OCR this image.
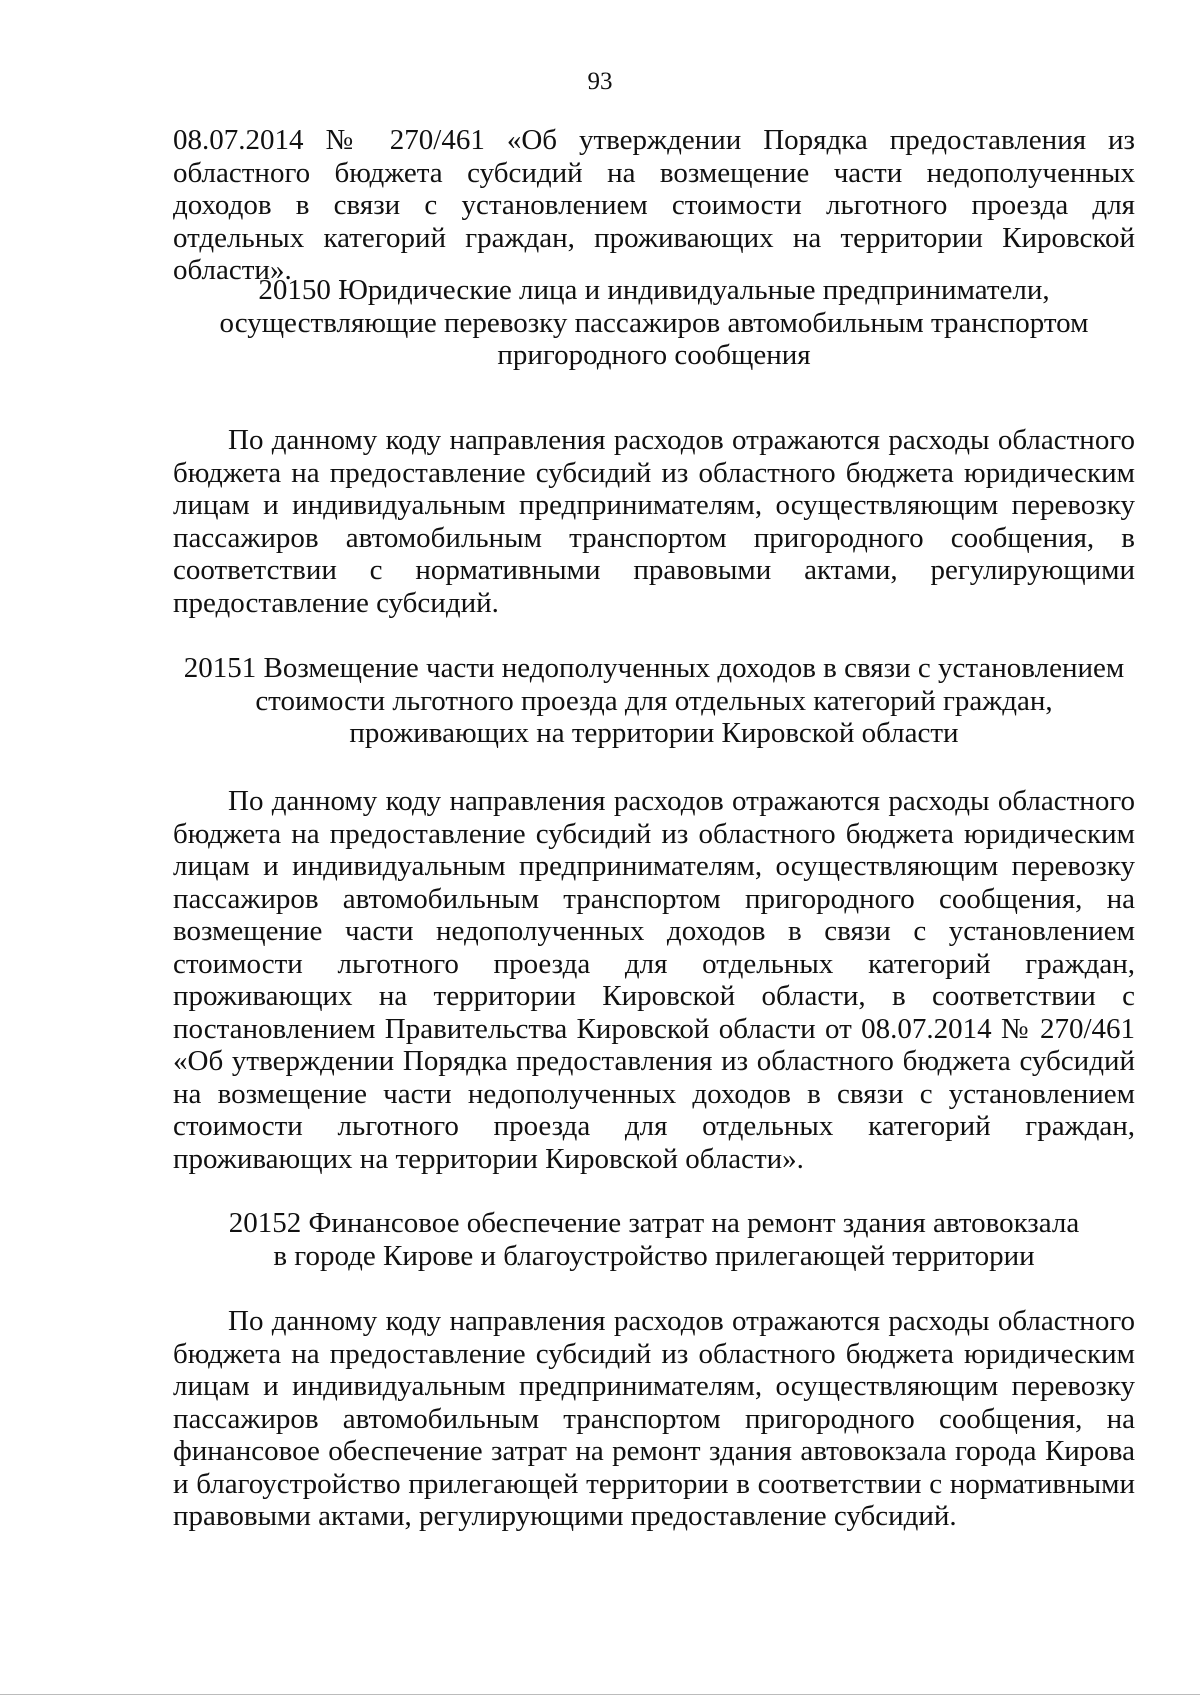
93
08.07.2014 № 270/461 «Об утверждении Порядка предоставления из областного бюджета субсидий на возмещение части недополученных доходов в связи с установлением стоимости льготного проезда для отдельных категорий граждан, проживающих на территории Кировской области».
20150 Юридические лица и индивидуальные предприниматели,
осуществляющие перевозку пассажиров автомобильным транспортом
пригородного сообщения
По данному коду направления расходов отражаются расходы областного бюджета на предоставление субсидий из областного бюджета юридическим лицам и индивидуальным предпринимателям, осуществляющим перевозку пассажиров автомобильным транспортом пригородного сообщения, в соответствии с нормативными правовыми актами, регулирующими предоставление субсидий.
20151 Возмещение части недополученных доходов в связи с установлением
стоимости льготного проезда для отдельных категорий граждан,
проживающих на территории Кировской области
По данному коду направления расходов отражаются расходы областного бюджета на предоставление субсидий из областного бюджета юридическим лицам и индивидуальным предпринимателям, осуществляющим перевозку пассажиров автомобильным транспортом пригородного сообщения, на возмещение части недополученных доходов в связи с установлением стоимости льготного проезда для отдельных категорий граждан, проживающих на территории Кировской области, в соответствии с постановлением Правительства Кировской области от 08.07.2014 № 270/461 «Об утверждении Порядка предоставления из областного бюджета субсидий на возмещение части недополученных доходов в связи с установлением стоимости льготного проезда для отдельных категорий граждан, проживающих на территории Кировской области».
20152 Финансовое обеспечение затрат на ремонт здания автовокзала
в городе Кирове и благоустройство прилегающей территории
По данному коду направления расходов отражаются расходы областного бюджета на предоставление субсидий из областного бюджета юридическим лицам и индивидуальным предпринимателям, осуществляющим перевозку пассажиров автомобильным транспортом пригородного сообщения, на финансовое обеспечение затрат на ремонт здания автовокзала города Кирова и благоустройство прилегающей территории в соответствии с нормативными правовыми актами, регулирующими предоставление субсидий.
